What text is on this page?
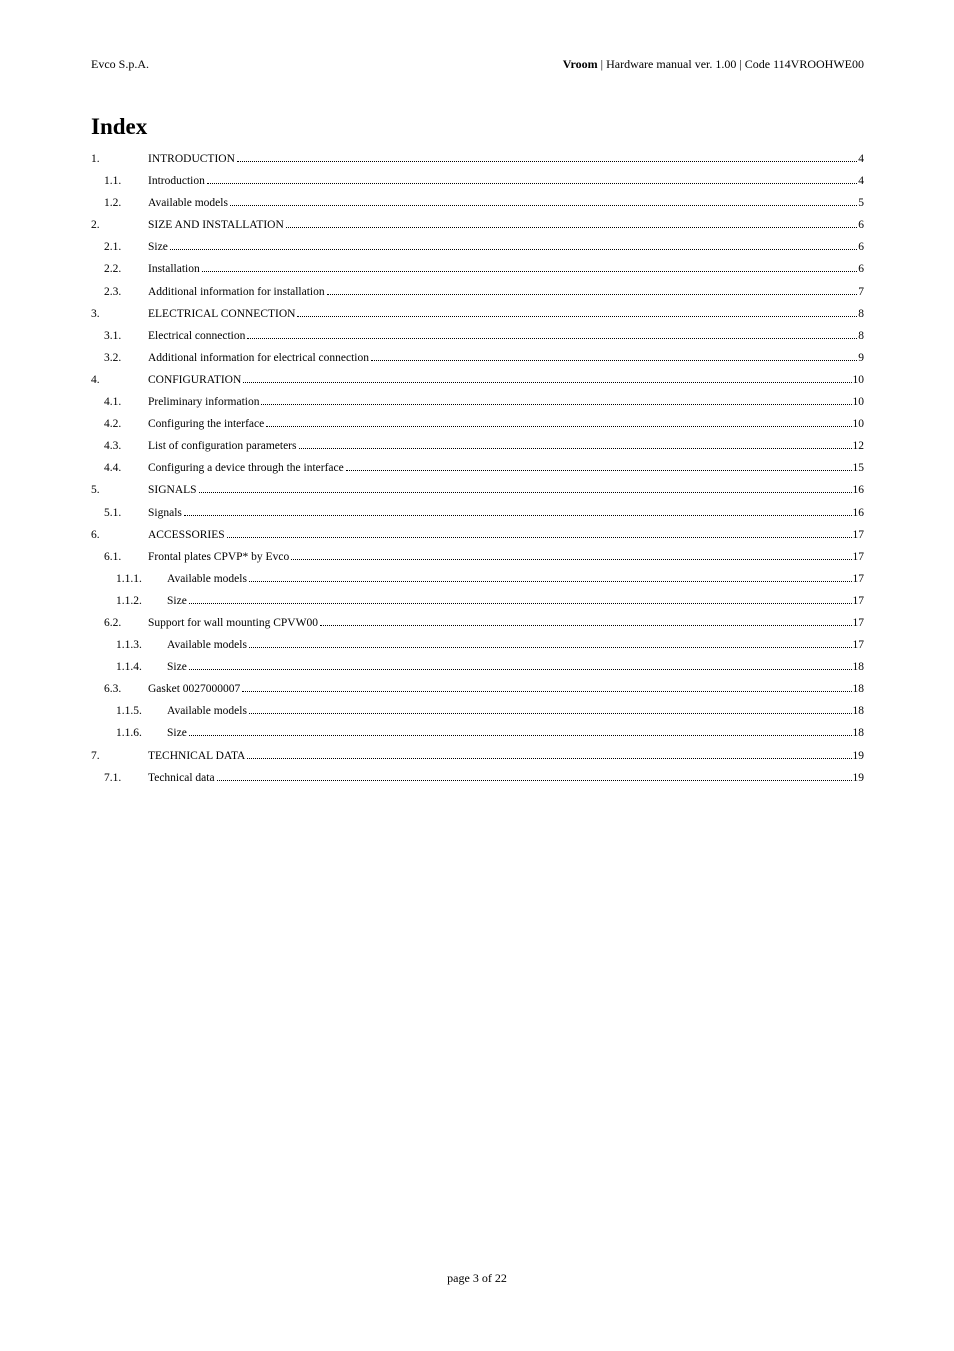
Evco S.p.A.	Vroom | Hardware manual ver. 1.00 | Code 114VROOHWE00
Index
1.	INTRODUCTION	4
1.1. Introduction	4
1.2. Available models	5
2.	SIZE AND INSTALLATION	6
2.1. Size	6
2.2. Installation	6
2.3. Additional information for installation	7
3.	ELECTRICAL CONNECTION	8
3.1. Electrical connection	8
3.2. Additional information for electrical connection	9
4.	CONFIGURATION	10
4.1. Preliminary information	10
4.2. Configuring the interface	10
4.3. List of configuration parameters	12
4.4. Configuring a device through the interface	15
5.	SIGNALS	16
5.1. Signals	16
6.	ACCESSORIES	17
6.1. Frontal plates CPVP* by Evco	17
1.1.1. Available models	17
1.1.2. Size	17
6.2. Support for wall mounting CPVW00	17
1.1.3. Available models	17
1.1.4. Size	18
6.3. Gasket 0027000007	18
1.1.5. Available models	18
1.1.6. Size	18
7.	TECHNICAL DATA	19
7.1. Technical data	19
page 3 of 22
